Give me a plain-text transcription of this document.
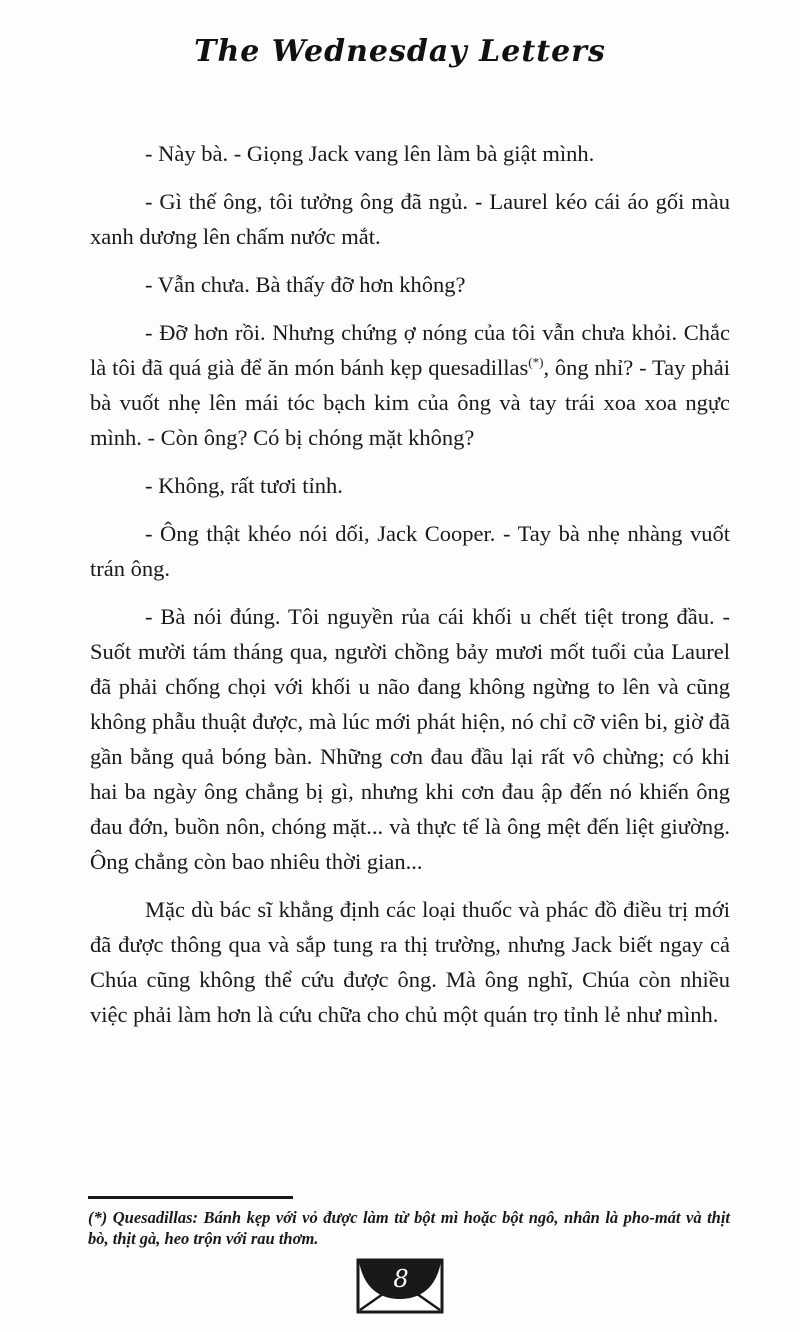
The Wednesday Letters

- Này bà. - Giọng Jack vang lên làm bà giật mình.

- Gì thế ông, tôi tưởng ông đã ngủ. - Laurel kéo cái áo gối màu xanh dương lên chấm nước mắt.

- Vẫn chưa. Bà thấy đỡ hơn không?

- Đỡ hơn rồi. Nhưng chứng ợ nóng của tôi vẫn chưa khỏi. Chắc là tôi đã quá già để ăn món bánh kẹp quesadillas(*), ông nhỉ? - Tay phải bà vuốt nhẹ lên mái tóc bạch kim của ông và tay trái xoa xoa ngực mình. - Còn ông? Có bị chóng mặt không?

- Không, rất tươi tỉnh.

- Ông thật khéo nói dối, Jack Cooper. - Tay bà nhẹ nhàng vuốt trán ông.

- Bà nói đúng. Tôi nguyền rủa cái khối u chết tiệt trong đầu. - Suốt mười tám tháng qua, người chồng bảy mươi mốt tuổi của Laurel đã phải chống chọi với khối u não đang không ngừng to lên và cũng không phẫu thuật được, mà lúc mới phát hiện, nó chỉ cỡ viên bi, giờ đã gần bằng quả bóng bàn. Những cơn đau đầu lại rất vô chừng; có khi hai ba ngày ông chẳng bị gì, nhưng khi cơn đau ập đến nó khiến ông đau đớn, buồn nôn, chóng mặt... và thực tế là ông mệt đến liệt giường. Ông chẳng còn bao nhiêu thời gian...

Mặc dù bác sĩ khẳng định các loại thuốc và phác đồ điều trị mới đã được thông qua và sắp tung ra thị trường, nhưng Jack biết ngay cả Chúa cũng không thể cứu được ông. Mà ông nghĩ, Chúa còn nhiều việc phải làm hơn là cứu chữa cho chủ một quán trọ tỉnh lẻ như mình.

(*) Quesadillas: Bánh kẹp với vỏ được làm từ bột mì hoặc bột ngô, nhân là pho-mát và thịt bò, thịt gà, heo trộn với rau thơm.

8
